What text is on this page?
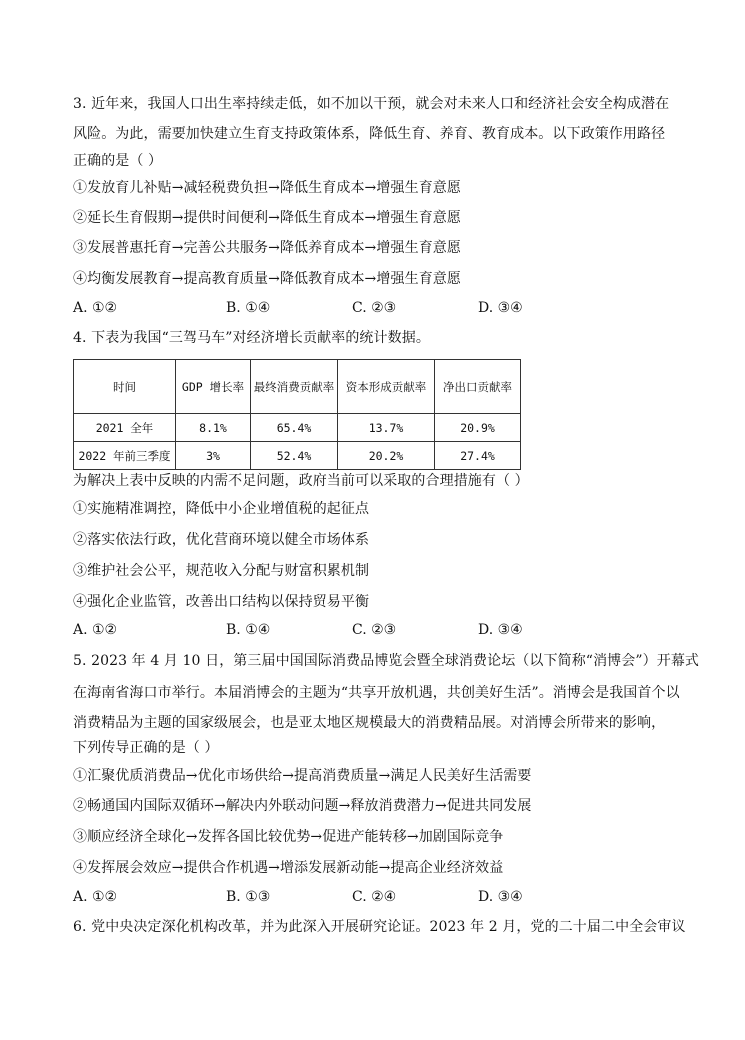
3. 近年来，我国人口出生率持续走低，如不加以干预，就会对未来人口和经济社会安全构成潜在
风险。为此，需要加快建立生育支持政策体系，降低生育、养育、教育成本。以下政策作用路径
正确的是（ ）
①发放育儿补贴→减轻税费负担→降低生育成本→增强生育意愿
②延长生育假期→提供时间便利→降低生育成本→增强生育意愿
③发展普惠托育→完善公共服务→降低养育成本→增强生育意愿
④均衡发展教育→提高教育质量→降低教育成本→增强生育意愿
A. ①②	B. ①④	C. ②③	D. ③④
4. 下表为我国“三驾马车”对经济增长贡献率的统计数据。
时间	GDP 增长率	最终消费贡献率	资本形成贡献率	净出口贡献率
2021 全年	8.1%	65.4%	13.7%	20.9%
2022 年前三季度	3%	52.4%	20.2%	27.4%
为解决上表中反映的内需不足问题，政府当前可以采取的合理措施有（ ）
①实施精准调控，降低中小企业增值税的起征点
②落实依法行政，优化营商环境以健全市场体系
③维护社会公平，规范收入分配与财富积累机制
④强化企业监管，改善出口结构以保持贸易平衡
A. ①②	B. ①④	C. ②③	D. ③④
5. 2023 年 4 月 10 日，第三届中国国际消费品博览会暨全球消费论坛（以下简称“消博会”）开幕式
在海南省海口市举行。本届消博会的主题为“共享开放机遇，共创美好生活”。消博会是我国首个以
消费精品为主题的国家级展会，也是亚太地区规模最大的消费精品展。对消博会所带来的影响，
下列传导正确的是（ ）
①汇聚优质消费品→优化市场供给→提高消费质量→满足人民美好生活需要
②畅通国内国际双循环→解决内外联动问题→释放消费潜力→促进共同发展
③顺应经济全球化→发挥各国比较优势→促进产能转移→加剧国际竞争
④发挥展会效应→提供合作机遇→增添发展新动能→提高企业经济效益
A. ①②	B. ①③	C. ②④	D. ③④
6. 党中央决定深化机构改革，并为此深入开展研究论证。2023 年 2 月，党的二十届二中全会审议
